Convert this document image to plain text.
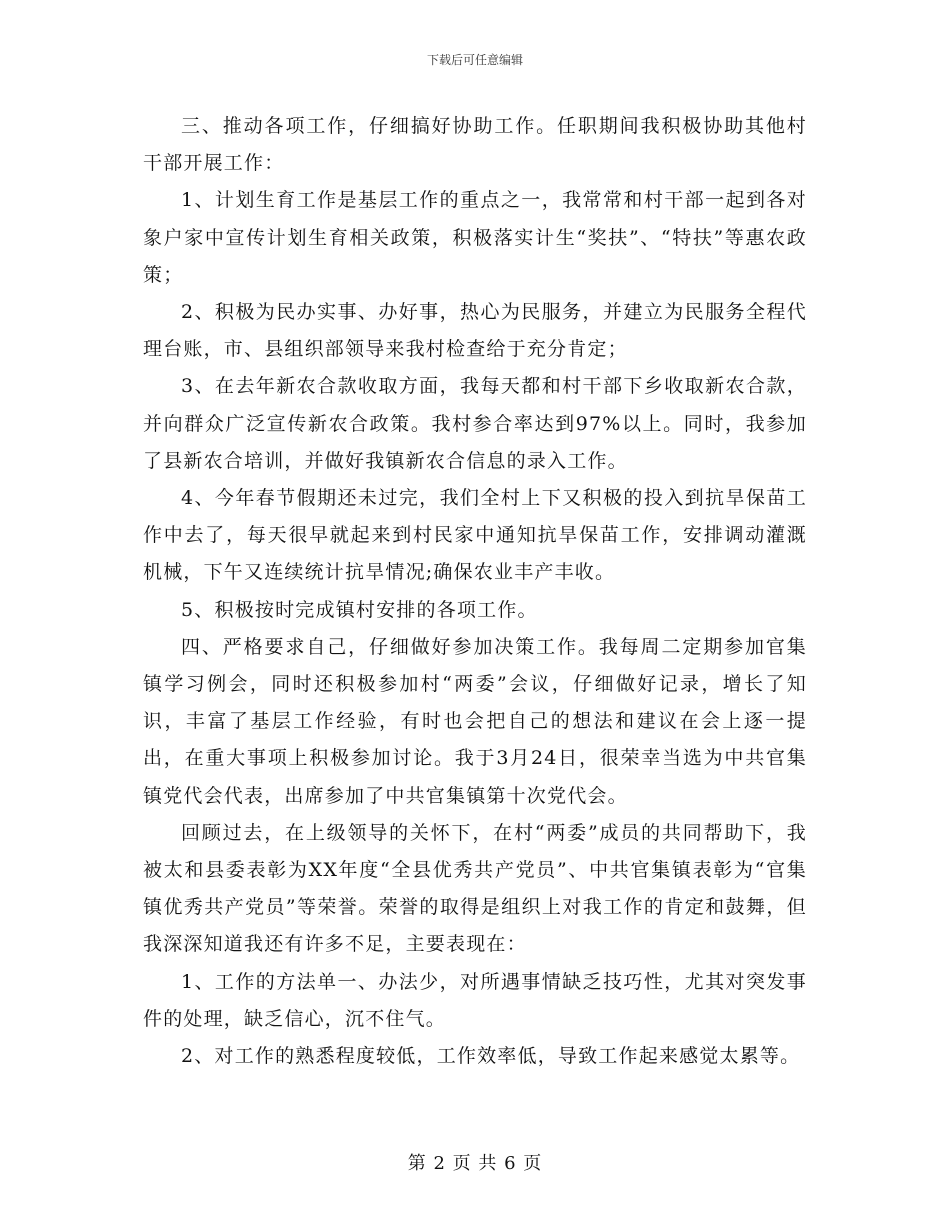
下载后可任意编辑

三、推动各项工作，仔细搞好协助工作。任职期间我积极协助其他村干部开展工作：

1、计划生育工作是基层工作的重点之一，我常常和村干部一起到各对象户家中宣传计划生育相关政策，积极落实计生“奖扶”、“特扶”等惠农政策；

2、积极为民办实事、办好事，热心为民服务，并建立为民服务全程代理台账，市、县组织部领导来我村检查给于充分肯定；

3、在去年新农合款收取方面，我每天都和村干部下乡收取新农合款，并向群众广泛宣传新农合政策。我村参合率达到97%以上。同时，我参加了县新农合培训，并做好我镇新农合信息的录入工作。

4、今年春节假期还未过完，我们全村上下又积极的投入到抗旱保苗工作中去了，每天很早就起来到村民家中通知抗旱保苗工作，安排调动灌溉机械，下午又连续统计抗旱情况;确保农业丰产丰收。

5、积极按时完成镇村安排的各项工作。

四、严格要求自己，仔细做好参加决策工作。我每周二定期参加官集镇学习例会，同时还积极参加村“两委”会议，仔细做好记录，增长了知识，丰富了基层工作经验，有时也会把自己的想法和建议在会上逐一提出，在重大事项上积极参加讨论。我于3月24日，很荣幸当选为中共官集镇党代会代表，出席参加了中共官集镇第十次党代会。

回顾过去，在上级领导的关怀下，在村“两委”成员的共同帮助下，我被太和县委表彰为XX年度“全县优秀共产党员”、中共官集镇表彰为“官集镇优秀共产党员”等荣誉。荣誉的取得是组织上对我工作的肯定和鼓舞，但我深深知道我还有许多不足，主要表现在：

1、工作的方法单一、办法少，对所遇事情缺乏技巧性，尤其对突发事件的处理，缺乏信心，沉不住气。

2、对工作的熟悉程度较低，工作效率低，导致工作起来感觉太累等。

第 2 页 共 6 页
